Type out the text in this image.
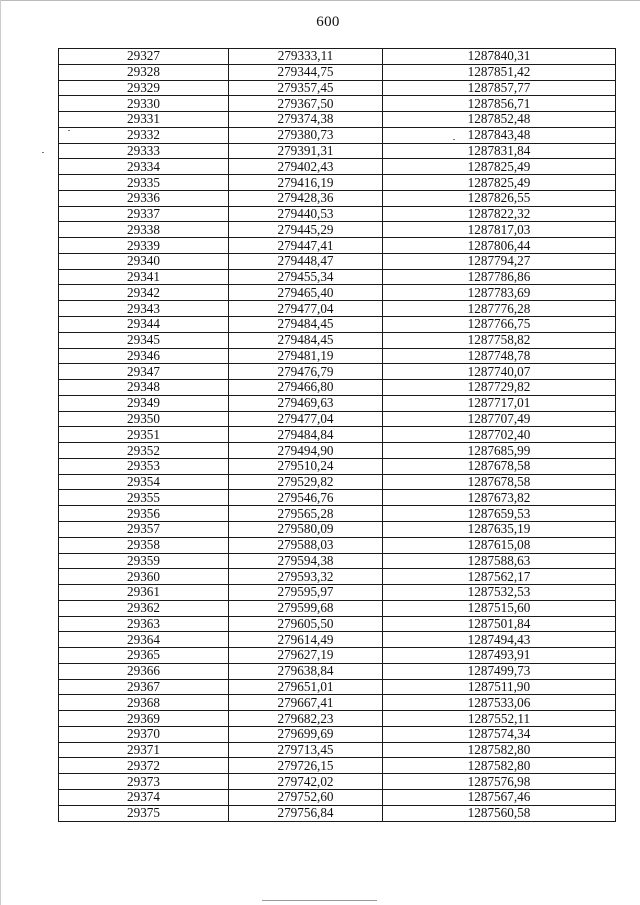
600
29327	279333,11	1287840,31
29328	279344,75	1287851,42
29329	279357,45	1287857,77
29330	279367,50	1287856,71
29331	279374,38	1287852,48
29332	279380,73	1287843,48
29333	279391,31	1287831,84
29334	279402,43	1287825,49
29335	279416,19	1287825,49
29336	279428,36	1287826,55
29337	279440,53	1287822,32
29338	279445,29	1287817,03
29339	279447,41	1287806,44
29340	279448,47	1287794,27
29341	279455,34	1287786,86
29342	279465,40	1287783,69
29343	279477,04	1287776,28
29344	279484,45	1287766,75
29345	279484,45	1287758,82
29346	279481,19	1287748,78
29347	279476,79	1287740,07
29348	279466,80	1287729,82
29349	279469,63	1287717,01
29350	279477,04	1287707,49
29351	279484,84	1287702,40
29352	279494,90	1287685,99
29353	279510,24	1287678,58
29354	279529,82	1287678,58
29355	279546,76	1287673,82
29356	279565,28	1287659,53
29357	279580,09	1287635,19
29358	279588,03	1287615,08
29359	279594,38	1287588,63
29360	279593,32	1287562,17
29361	279595,97	1287532,53
29362	279599,68	1287515,60
29363	279605,50	1287501,84
29364	279614,49	1287494,43
29365	279627,19	1287493,91
29366	279638,84	1287499,73
29367	279651,01	1287511,90
29368	279667,41	1287533,06
29369	279682,23	1287552,11
29370	279699,69	1287574,34
29371	279713,45	1287582,80
29372	279726,15	1287582,80
29373	279742,02	1287576,98
29374	279752,60	1287567,46
29375	279756,84	1287560,58
